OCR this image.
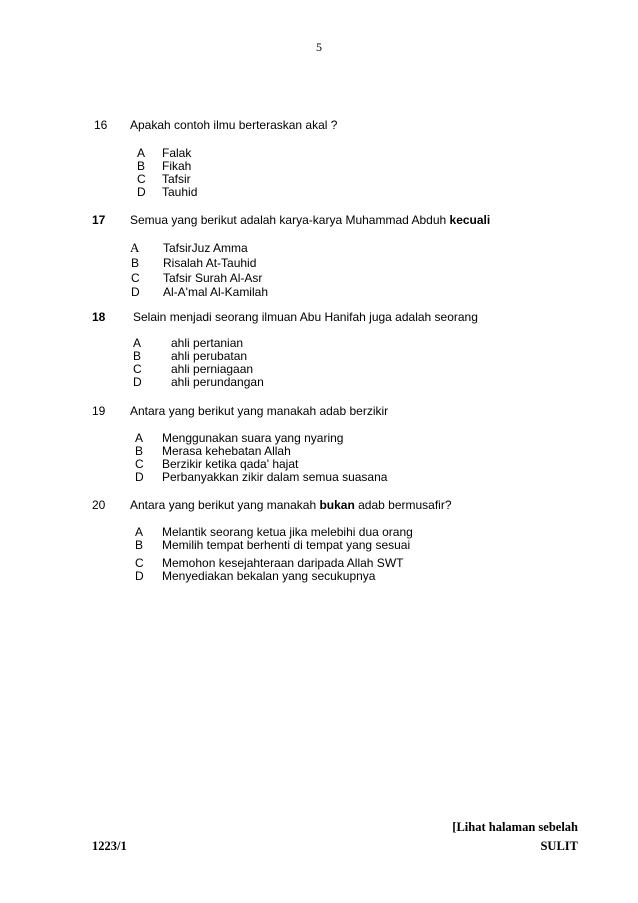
5
16 Apakah contoh ilmu berteraskan akal ?
A Falak
B Fikah
C Tafsir
D Tauhid
17 Semua yang berikut adalah karya-karya Muhammad Abduh kecuali
A TafsirJuz Amma
B Risalah At-Tauhid
C Tafsir Surah Al-Asr
D Al-A'mal Al-Kamilah
18 Selain menjadi seorang ilmuan Abu Hanifah juga adalah seorang
A ahli pertanian
B ahli perubatan
C ahli perniagaan
D ahli perundangan
19 Antara yang berikut yang manakah adab berzikir
A Menggunakan suara yang nyaring
B Merasa kehebatan Allah
C Berzikir ketika qada' hajat
D Perbanyakkan zikir dalam semua suasana
20 Antara yang berikut yang manakah bukan adab bermusafir?
A Melantik seorang ketua jika melebihi dua orang
B Memilih tempat berhenti di tempat yang sesuai
C Memohon kesejahteraan daripada Allah SWT
D Menyediakan bekalan yang secukupnya
[Lihat halaman sebelah
1223/1	SULIT
